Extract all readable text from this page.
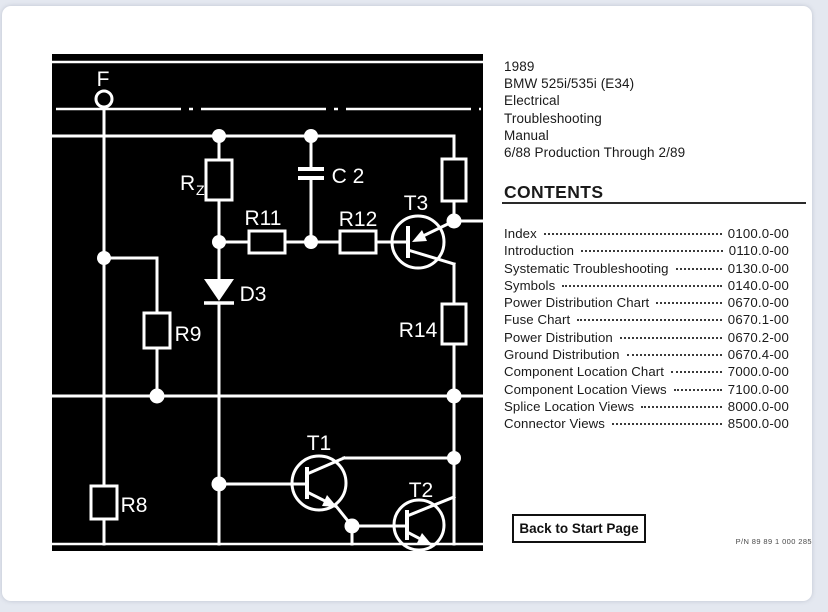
F
R Z
C 2
R11	R12
T3
D3
R9	R14
T1
T2
R8
1989
BMW 525i/535i (E34)
Electrical
Troubleshooting
Manual
6/88 Production Through 2/89
CONTENTS
Index	0100.0-00
Introduction	0110.0-00
Systematic Troubleshooting	0130.0-00
Symbols	0140.0-00
Power Distribution Chart	0670.0-00
Fuse Chart	0670.1-00
Power Distribution	0670.2-00
Ground Distribution	0670.4-00
Component Location Chart	7000.0-00
Component Location Views	7100.0-00
Splice Location Views	8000.0-00
Connector Views	8500.0-00
Back to Start Page
P/N 89 89 1 000 285
